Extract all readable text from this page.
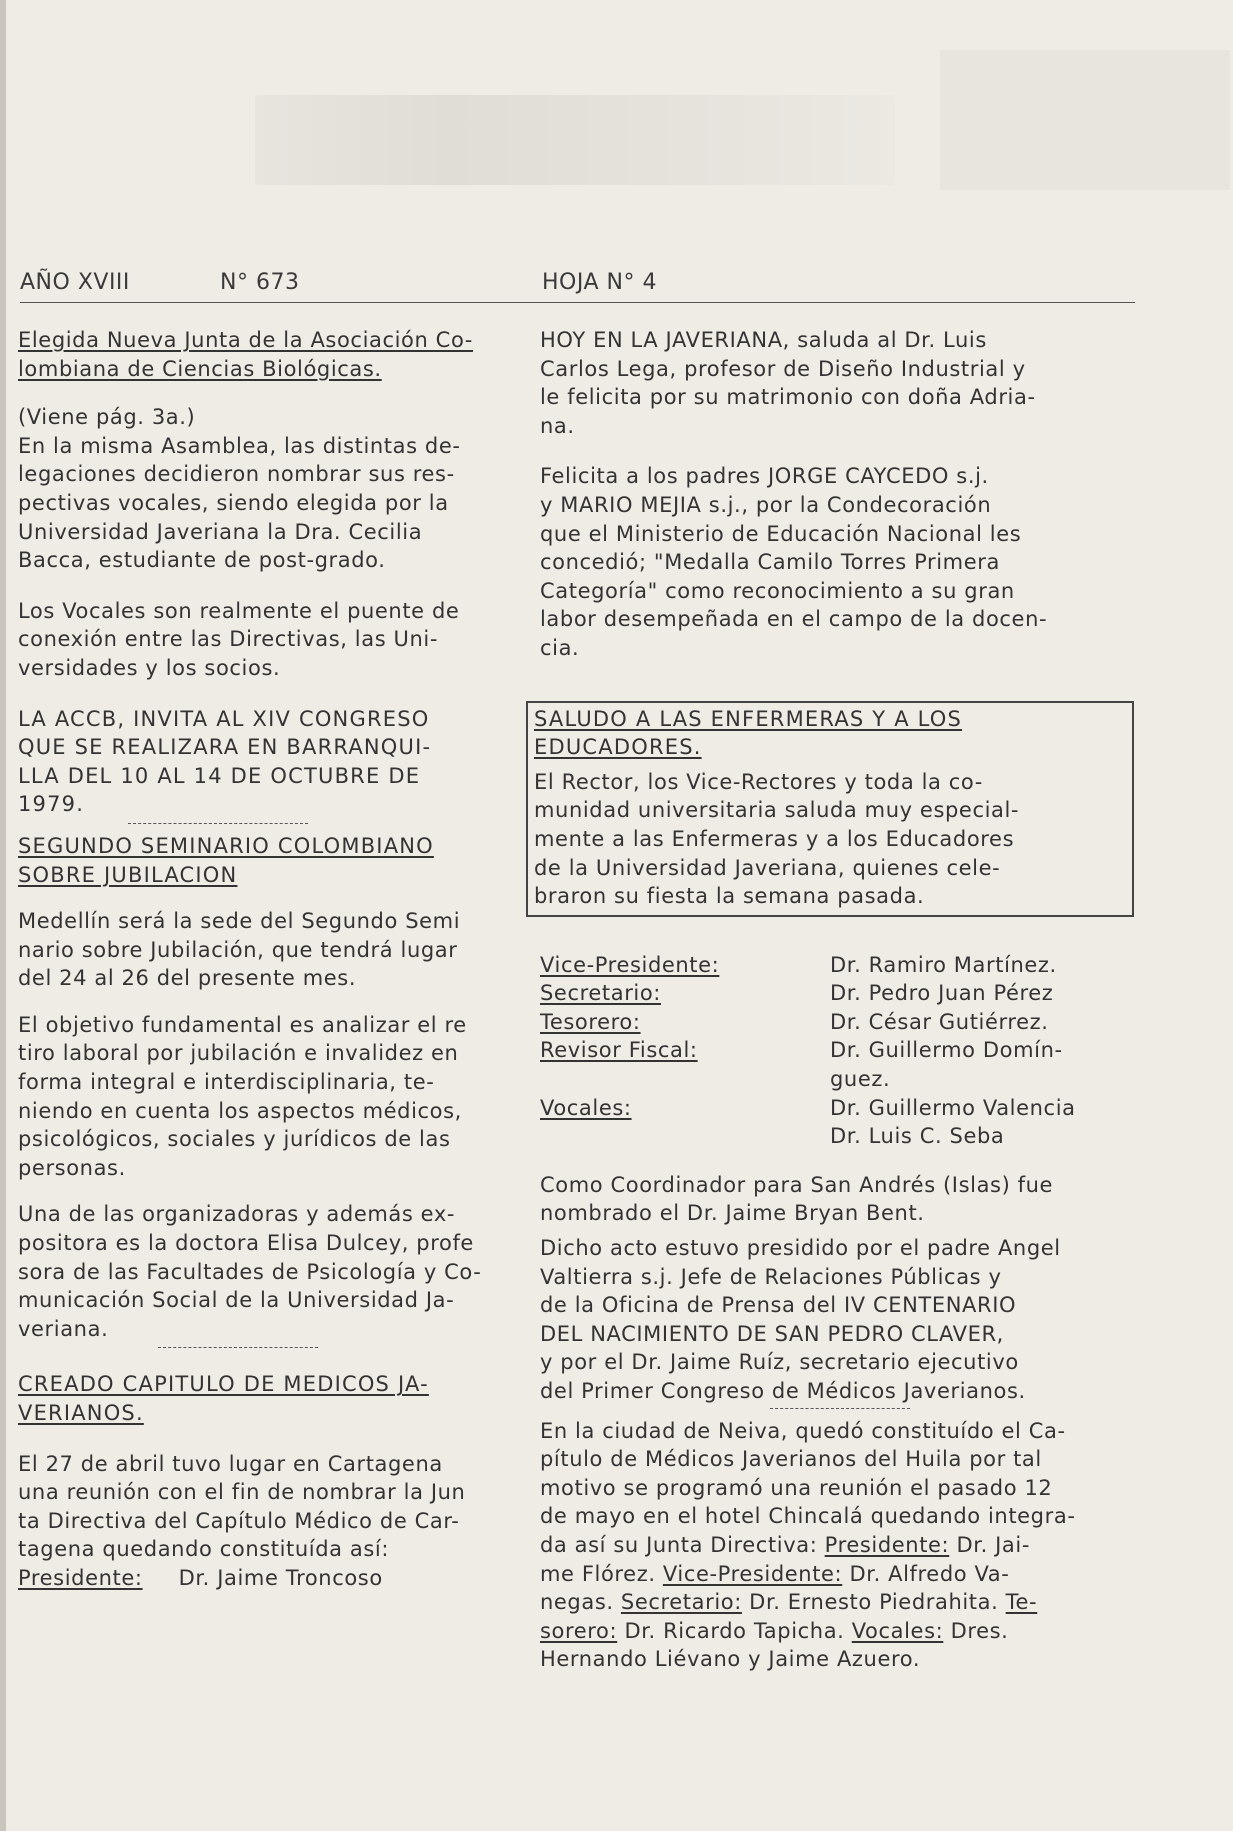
AÑO XVIII	N° 673	HOJA N° 4

Elegida Nueva Junta de la Asociación Co-
lombiana de Ciencias Biológicas.

(Viene pág. 3a.)
En la misma Asamblea, las distintas de-
legaciones decidieron nombrar sus res-
pectivas vocales, siendo elegida por la
Universidad Javeriana la Dra. Cecilia
Bacca, estudiante de post-grado.

Los Vocales son realmente el puente de
conexión entre las Directivas, las Uni-
versidades y los socios.

LA ACCB, INVITA AL XIV CONGRESO
QUE SE REALIZARA EN BARRANQUI-
LLA DEL 10 AL 14 DE OCTUBRE DE
1979.

SEGUNDO SEMINARIO COLOMBIANO
SOBRE JUBILACION

Medellín será la sede del Segundo Semi
nario sobre Jubilación, que tendrá lugar
del 24 al 26 del presente mes.

El objetivo fundamental es analizar el re
tiro laboral por jubilación e invalidez en
forma integral e interdisciplinaria, te-
niendo en cuenta los aspectos médicos,
psicológicos, sociales y jurídicos de las
personas.

Una de las organizadoras y además ex-
positora es la doctora Elisa Dulcey, profe
sora de las Facultades de Psicología y Co-
municación Social de la Universidad Ja-
veriana.

CREADO CAPITULO DE MEDICOS JA-
VERIANOS.

El 27 de abril tuvo lugar en Cartagena
una reunión con el fin de nombrar la Jun
ta Directiva del Capítulo Médico de Car-
tagena quedando constituída así:

Presidente: Dr. Jaime Troncoso

HOY EN LA JAVERIANA, saluda al Dr. Luis
Carlos Lega, profesor de Diseño Industrial y
le felicita por su matrimonio con doña Adria-
na.

Felicita a los padres JORGE CAYCEDO s.j.
y MARIO MEJIA s.j., por la Condecoración
que el Ministerio de Educación Nacional les
concedió; "Medalla Camilo Torres Primera
Categoría" como reconocimiento a su gran
labor desempeñada en el campo de la docen-
cia.

SALUDO A LAS ENFERMERAS Y A LOS
EDUCADORES.

El Rector, los Vice-Rectores y toda la co-
munidad universitaria saluda muy especial-
mente a las Enfermeras y a los Educadores
de la Universidad Javeriana, quienes cele-
braron su fiesta la semana pasada.

Vice-Presidente:	Dr. Ramiro Martínez.
Secretario:	Dr. Pedro Juan Pérez
Tesorero:	Dr. César Gutiérrez.
Revisor Fiscal:	Dr. Guillermo Domín-
guez.
Vocales:	Dr. Guillermo Valencia
Dr. Luis C. Seba

Como Coordinador para San Andrés (Islas) fue
nombrado el Dr. Jaime Bryan Bent.

Dicho acto estuvo presidido por el padre Angel
Valtierra s.j. Jefe de Relaciones Públicas y
de la Oficina de Prensa del IV CENTENARIO
DEL NACIMIENTO DE SAN PEDRO CLAVER,
y por el Dr. Jaime Ruíz, secretario ejecutivo
del Primer Congreso de Médicos Javerianos.

En la ciudad de Neiva, quedó constituído el Ca-
pítulo de Médicos Javerianos del Huila por tal
motivo se programó una reunión el pasado 12
de mayo en el hotel Chincalá quedando integra-
da así su Junta Directiva: Presidente: Dr. Jai-
me Flórez. Vice-Presidente: Dr. Alfredo Va-
negas. Secretario: Dr. Ernesto Piedrahita. Te-
sorero: Dr. Ricardo Tapicha. Vocales: Dres.
Hernando Liévano y Jaime Azuero.
